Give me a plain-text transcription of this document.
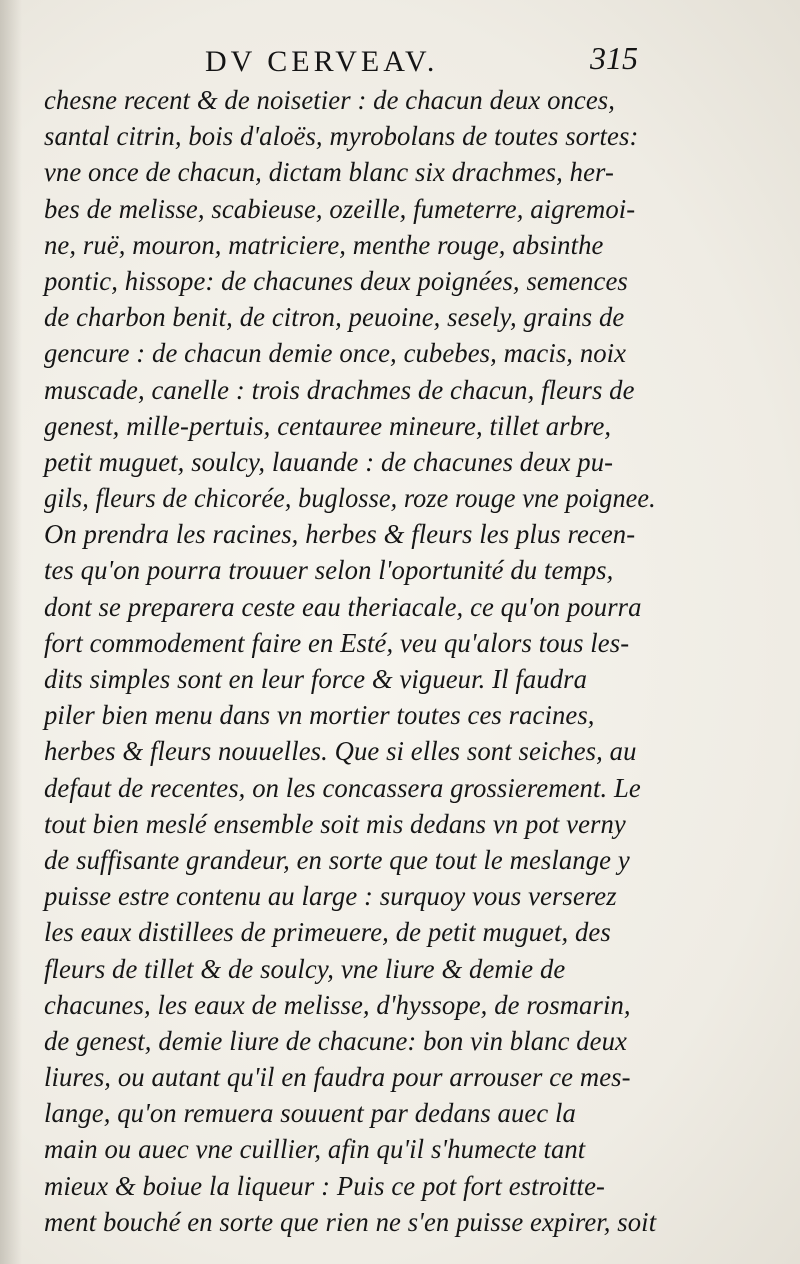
DV CERVEAV.	315
chesne recent & de noisetier : de chacun deux onces,
santal citrin, bois d'aloës, myrobolans de toutes sortes:
vne once de chacun, dictam blanc six drachmes, her-
bes de melisse, scabieuse, ozeille, fumeterre, aigremoi-
ne, ruë, mouron, matriciere, menthe rouge, absinthe
pontic, hissope: de chacunes deux poignées, semences
de charbon benit, de citron, peuoine, sesely, grains de
gencure : de chacun demie once, cubebes, macis, noix
muscade, canelle : trois drachmes de chacun, fleurs de
genest, mille-pertuis, centauree mineure, tillet arbre,
petit muguet, soulcy, lauande : de chacunes deux pu-
gils, fleurs de chicorée, buglosse, roze rouge vne poignee.
On prendra les racines, herbes & fleurs les plus recen-
tes qu'on pourra trouuer selon l'oportunité du temps,
dont se preparera ceste eau theriacale, ce qu'on pourra
fort commodement faire en Esté, veu qu'alors tous les-
dits simples sont en leur force & vigueur. Il faudra
piler bien menu dans vn mortier toutes ces racines,
herbes & fleurs nouuelles. Que si elles sont seiches, au
defaut de recentes, on les concassera grossierement. Le
tout bien meslé ensemble soit mis dedans vn pot verny
de suffisante grandeur, en sorte que tout le meslange y
puisse estre contenu au large : surquoy vous verserez
les eaux distillees de primeuere, de petit muguet, des
fleurs de tillet & de soulcy, vne liure & demie de
chacunes, les eaux de melisse, d'hyssope, de rosmarin,
de genest, demie liure de chacune: bon vin blanc deux
liures, ou autant qu'il en faudra pour arrouser ce mes-
lange, qu'on remuera souuent par dedans auec la
main ou auec vne cuillier, afin qu'il s'humecte tant
mieux & boiue la liqueur : Puis ce pot fort estroitte-
ment bouché en sorte que rien ne s'en puisse expirer, soit
